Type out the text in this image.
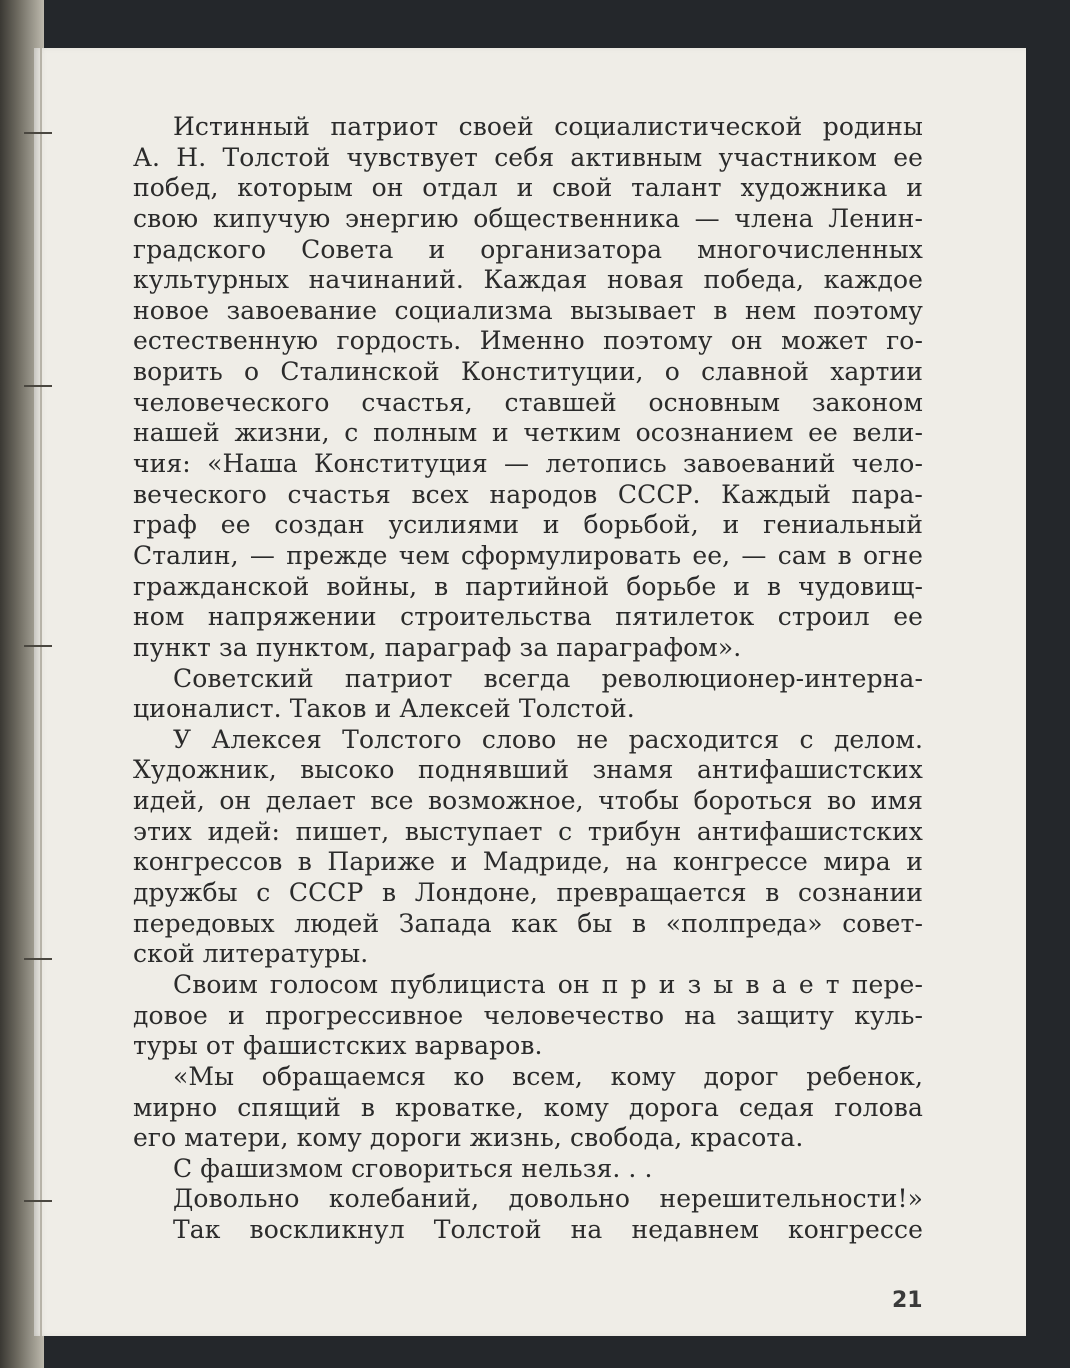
Истинный патриот своей социалистической родины
А. Н. Толстой чувствует себя активным участником ее
побед, которым он отдал и свой талант художника и
свою кипучую энергию общественника — члена Ленин-
градского Совета и организатора многочисленных
культурных начинаний. Каждая новая победа, каждое
новое завоевание социализма вызывает в нем поэтому
естественную гордость. Именно поэтому он может го-
ворить о Сталинской Конституции, о славной хартии
человеческого счастья, ставшей основным законом
нашей жизни, с полным и четким осознанием ее вели-
чия: «Наша Конституция — летопись завоеваний чело-
веческого счастья всех народов СССР. Каждый пара-
граф ее создан усилиями и борьбой, и гениальный
Сталин, — прежде чем сформулировать ее, — сам в огне
гражданской войны, в партийной борьбе и в чудовищ-
ном напряжении строительства пятилеток строил ее
пункт за пунктом, параграф за параграфом».
Советский патриот всегда революционер-интерна-
ционалист. Таков и Алексей Толстой.
У Алексея Толстого слово не расходится с делом.
Художник, высоко поднявший знамя антифашистских
идей, он делает все возможное, чтобы бороться во имя
этих идей: пишет, выступает с трибун антифашистских
конгрессов в Париже и Мадриде, на конгрессе мира и
дружбы с СССР в Лондоне, превращается в сознании
передовых людей Запада как бы в «полпреда» совет-
ской литературы.
Своим голосом публициста он п р и з ы в а е т пере-
довое и прогрессивное человечество на защиту куль-
туры от фашистских варваров.
«Мы обращаемся ко всем, кому дорог ребенок,
мирно спящий в кроватке, кому дорога седая голова
его матери, кому дороги жизнь, свобода, красота.
С фашизмом сговориться нельзя. . .
Довольно колебаний, довольно нерешительности!»
Так воскликнул Толстой на недавнем конгрессе
21
